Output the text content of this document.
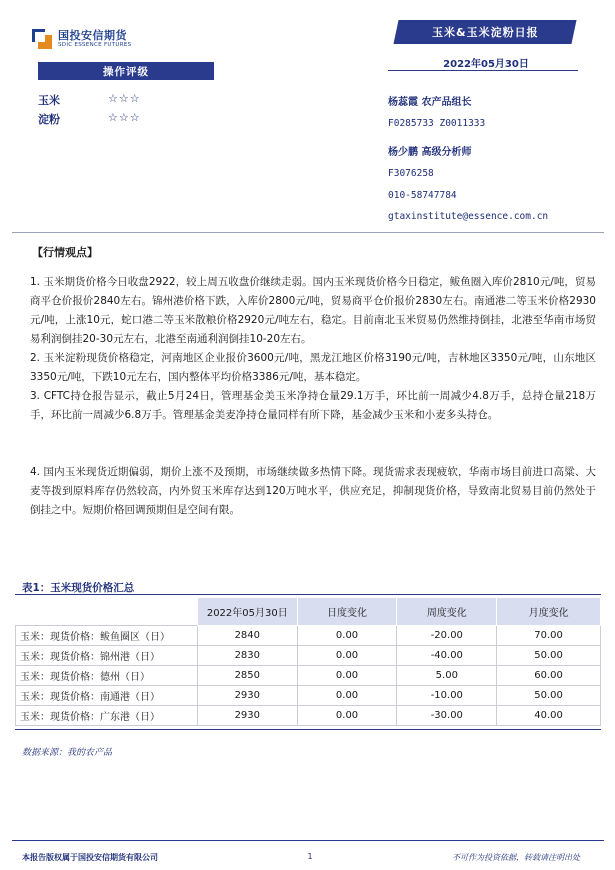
国投安信期货
SDIC ESSENCE FUTURES
玉米&玉米淀粉日报
2022年05月30日
操作评级
玉米	☆☆☆
淀粉	☆☆☆
杨蕊霞 农产品组长
F0285733 Z0011333
杨少鹏 高级分析师
F3076258
010-58747784
gtaxinstitute@essence.com.cn
【行情观点】
1. 玉米期货价格今日收盘2922，较上周五收盘价继续走弱。国内玉米现货价格今日稳定，鲅鱼圈入库价2810元/吨，贸易商平仓价报价2840左右。锦州港价格下跌，入库价2800元/吨，贸易商平仓价报价2830左右。南通港二等玉米价格2930元/吨，上涨10元，蛇口港二等玉米散粮价格2920元/吨左右，稳定。目前南北玉米贸易仍然维持倒挂，北港至华南市场贸易利润倒挂20-30元左右，北港至南通利润倒挂10-20左右。
2. 玉米淀粉现货价格稳定，河南地区企业报价3600元/吨，黑龙江地区价格3190元/吨，吉林地区3350元/吨，山东地区3350元/吨，下跌10元左右，国内整体平均价格3386元/吨，基本稳定。
3. CFTC持仓报告显示，截止5月24日，管理基金美玉米净持仓量29.1万手，环比前一周减少4.8万手，总持仓量218万手，环比前一周减少6.8万手。管理基金美麦净持仓量同样有所下降，基金减少玉米和小麦多头持仓。
4. 国内玉米现货近期偏弱，期价上涨不及预期，市场继续做多热情下降。现货需求表现疲软，华南市场目前进口高粱、大麦等拨到原料库存仍然较高，内外贸玉米库存达到120万吨水平，供应充足，抑制现货价格，导致南北贸易目前仍然处于倒挂之中。短期价格回调预期但是空间有限。
表1：玉米现货价格汇总
	2022年05月30日	日度变化	周度变化	月度变化
玉米：现货价格：鲅鱼圈区（日）	2840	0.00	-20.00	70.00
玉米：现货价格：锦州港（日）	2830	0.00	-40.00	50.00
玉米：现货价格：德州（日）	2850	0.00	5.00	60.00
玉米：现货价格：南通港（日）	2930	0.00	-10.00	50.00
玉米：现货价格：广东港（日）	2930	0.00	-30.00	40.00
数据来源：我的农产品
本报告版权属于国投安信期货有限公司	1	不可作为投资依据，转载请注明出处
